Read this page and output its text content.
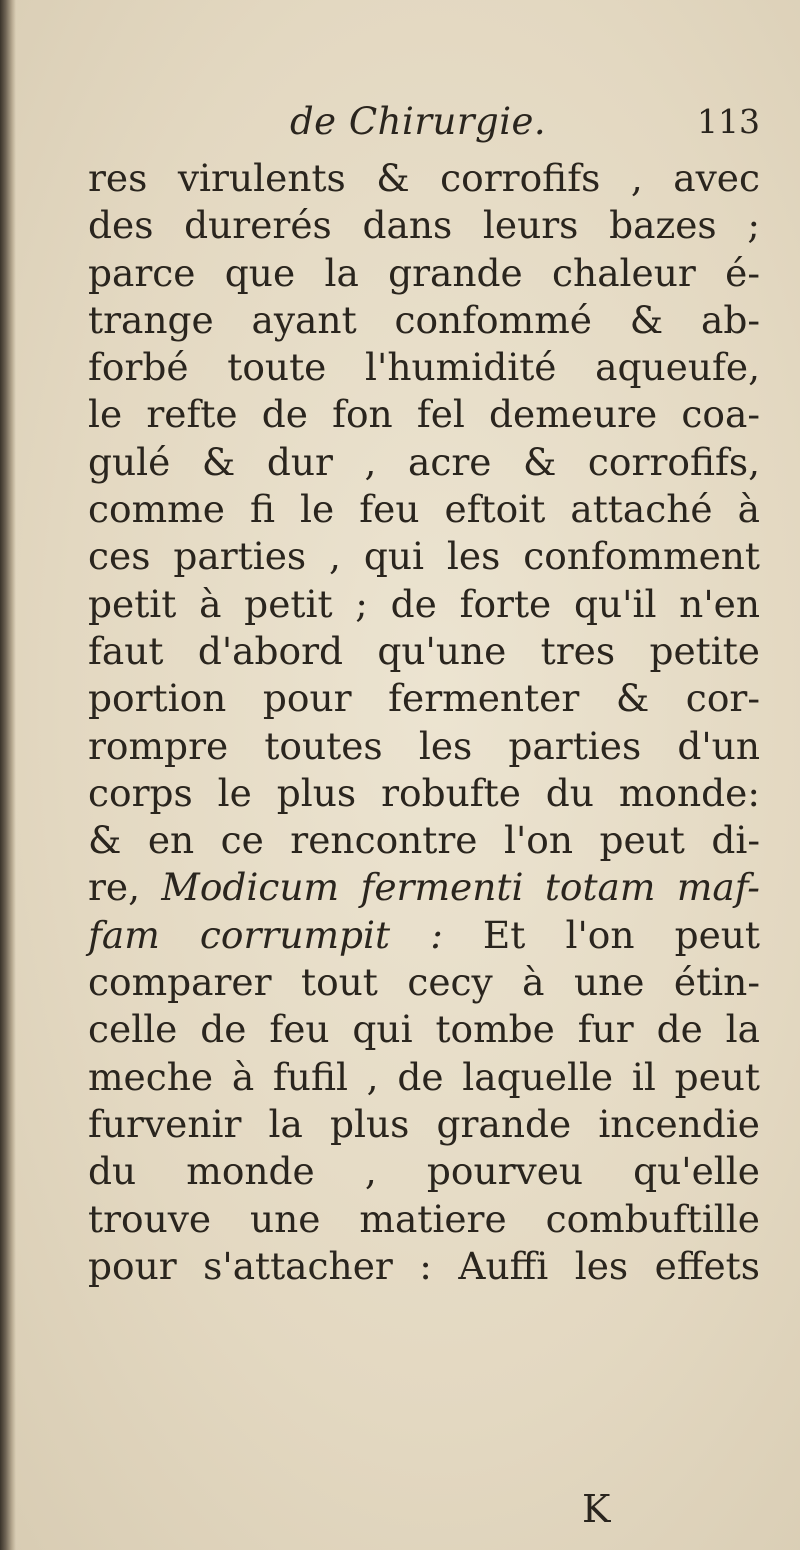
de Chirurgie.	113
res virulents & corrofifs , avec
des durerés dans leurs bazes ;
parce que la grande chaleur é-
trange ayant confommé & ab-
forbé toute l'humidité aqueufe,
le refte de fon fel demeure coa-
gulé & dur , acre & corrofifs,
comme fi le feu eftoit attaché à
ces parties , qui les confomment
petit à petit ; de forte qu'il n'en
faut d'abord qu'une tres petite
portion pour fermenter & cor-
rompre toutes les parties d'un
corps le plus robufte du monde:
& en ce rencontre l'on peut di-
re, Modicum fermenti totam maf-
fam corrumpit : Et l'on peut
comparer tout cecy à une étin-
celle de feu qui tombe fur de la
meche à fufil , de laquelle il peut
furvenir la plus grande incendie
du monde , pourveu qu'elle
trouve une matiere combuftille
pour s'attacher : Auffi les effets
K
